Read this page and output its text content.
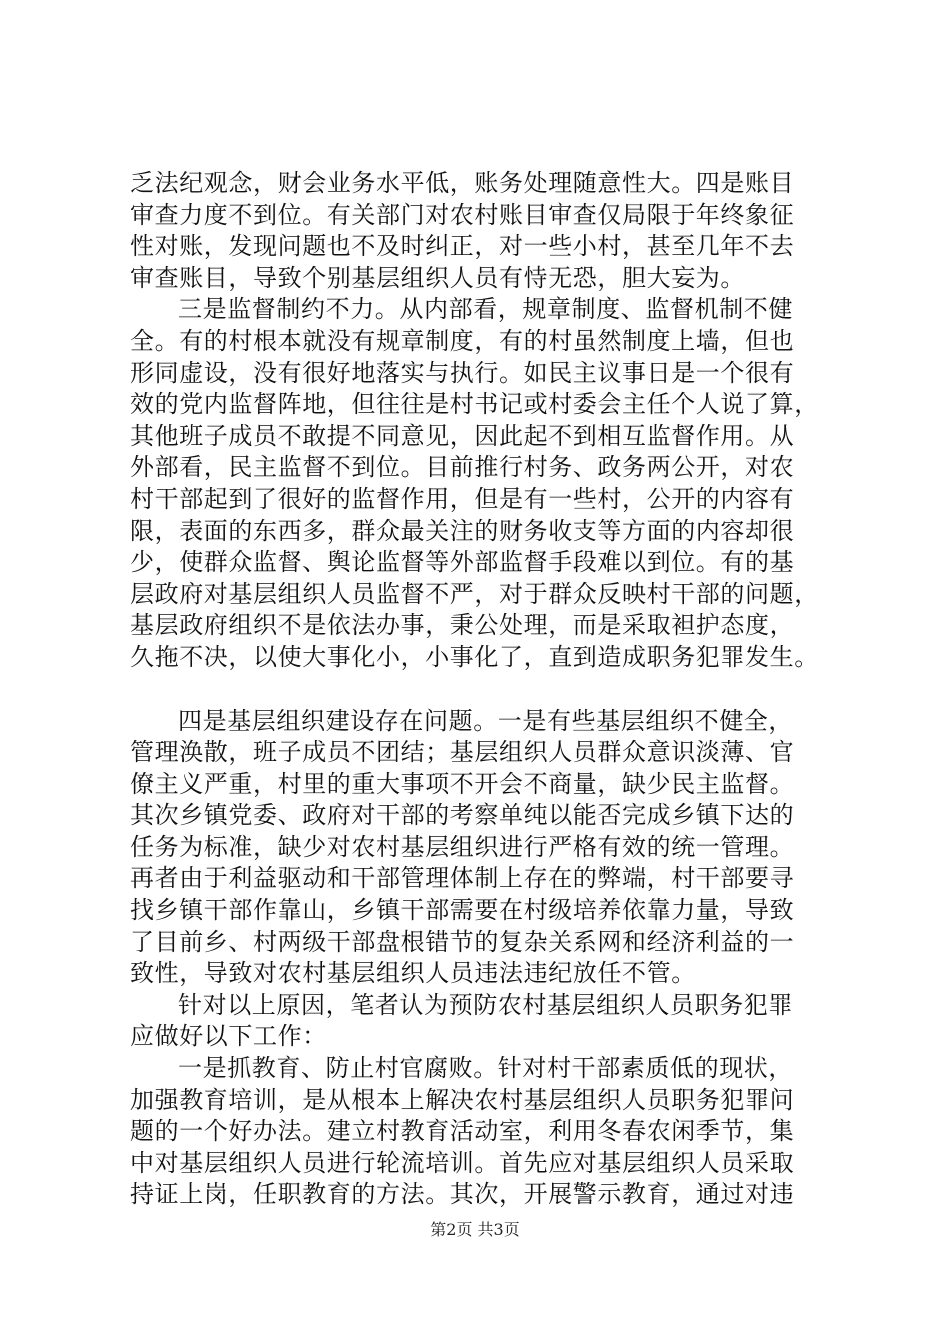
乏法纪观念，财会业务水平低，账务处理随意性大。四是账目
审查力度不到位。有关部门对农村账目审查仅局限于年终象征
性对账，发现问题也不及时纠正，对一些小村，甚至几年不去
审查账目，导致个别基层组织人员有恃无恐，胆大妄为。
三是监督制约不力。从内部看，规章制度、监督机制不健
全。有的村根本就没有规章制度，有的村虽然制度上墙，但也
形同虚设，没有很好地落实与执行。如民主议事日是一个很有
效的党内监督阵地，但往往是村书记或村委会主任个人说了算，
其他班子成员不敢提不同意见，因此起不到相互监督作用。从
外部看，民主监督不到位。目前推行村务、政务两公开，对农
村干部起到了很好的监督作用，但是有一些村，公开的内容有
限，表面的东西多，群众最关注的财务收支等方面的内容却很
少，使群众监督、舆论监督等外部监督手段难以到位。有的基
层政府对基层组织人员监督不严，对于群众反映村干部的问题，
基层政府组织不是依法办事，秉公处理，而是采取袒护态度，
久拖不决，以使大事化小，小事化了，直到造成职务犯罪发生。
四是基层组织建设存在问题。一是有些基层组织不健全，
管理涣散，班子成员不团结；基层组织人员群众意识淡薄、官
僚主义严重，村里的重大事项不开会不商量，缺少民主监督。
其次乡镇党委、政府对干部的考察单纯以能否完成乡镇下达的
任务为标准，缺少对农村基层组织进行严格有效的统一管理。
再者由于利益驱动和干部管理体制上存在的弊端，村干部要寻
找乡镇干部作靠山，乡镇干部需要在村级培养依靠力量，导致
了目前乡、村两级干部盘根错节的复杂关系网和经济利益的一
致性，导致对农村基层组织人员违法违纪放任不管。
针对以上原因，笔者认为预防农村基层组织人员职务犯罪
应做好以下工作：
一是抓教育、防止村官腐败。针对村干部素质低的现状，
加强教育培训，是从根本上解决农村基层组织人员职务犯罪问
题的一个好办法。建立村教育活动室，利用冬春农闲季节，集
中对基层组织人员进行轮流培训。首先应对基层组织人员采取
持证上岗，任职教育的方法。其次，开展警示教育，通过对违
第2页 共3页
